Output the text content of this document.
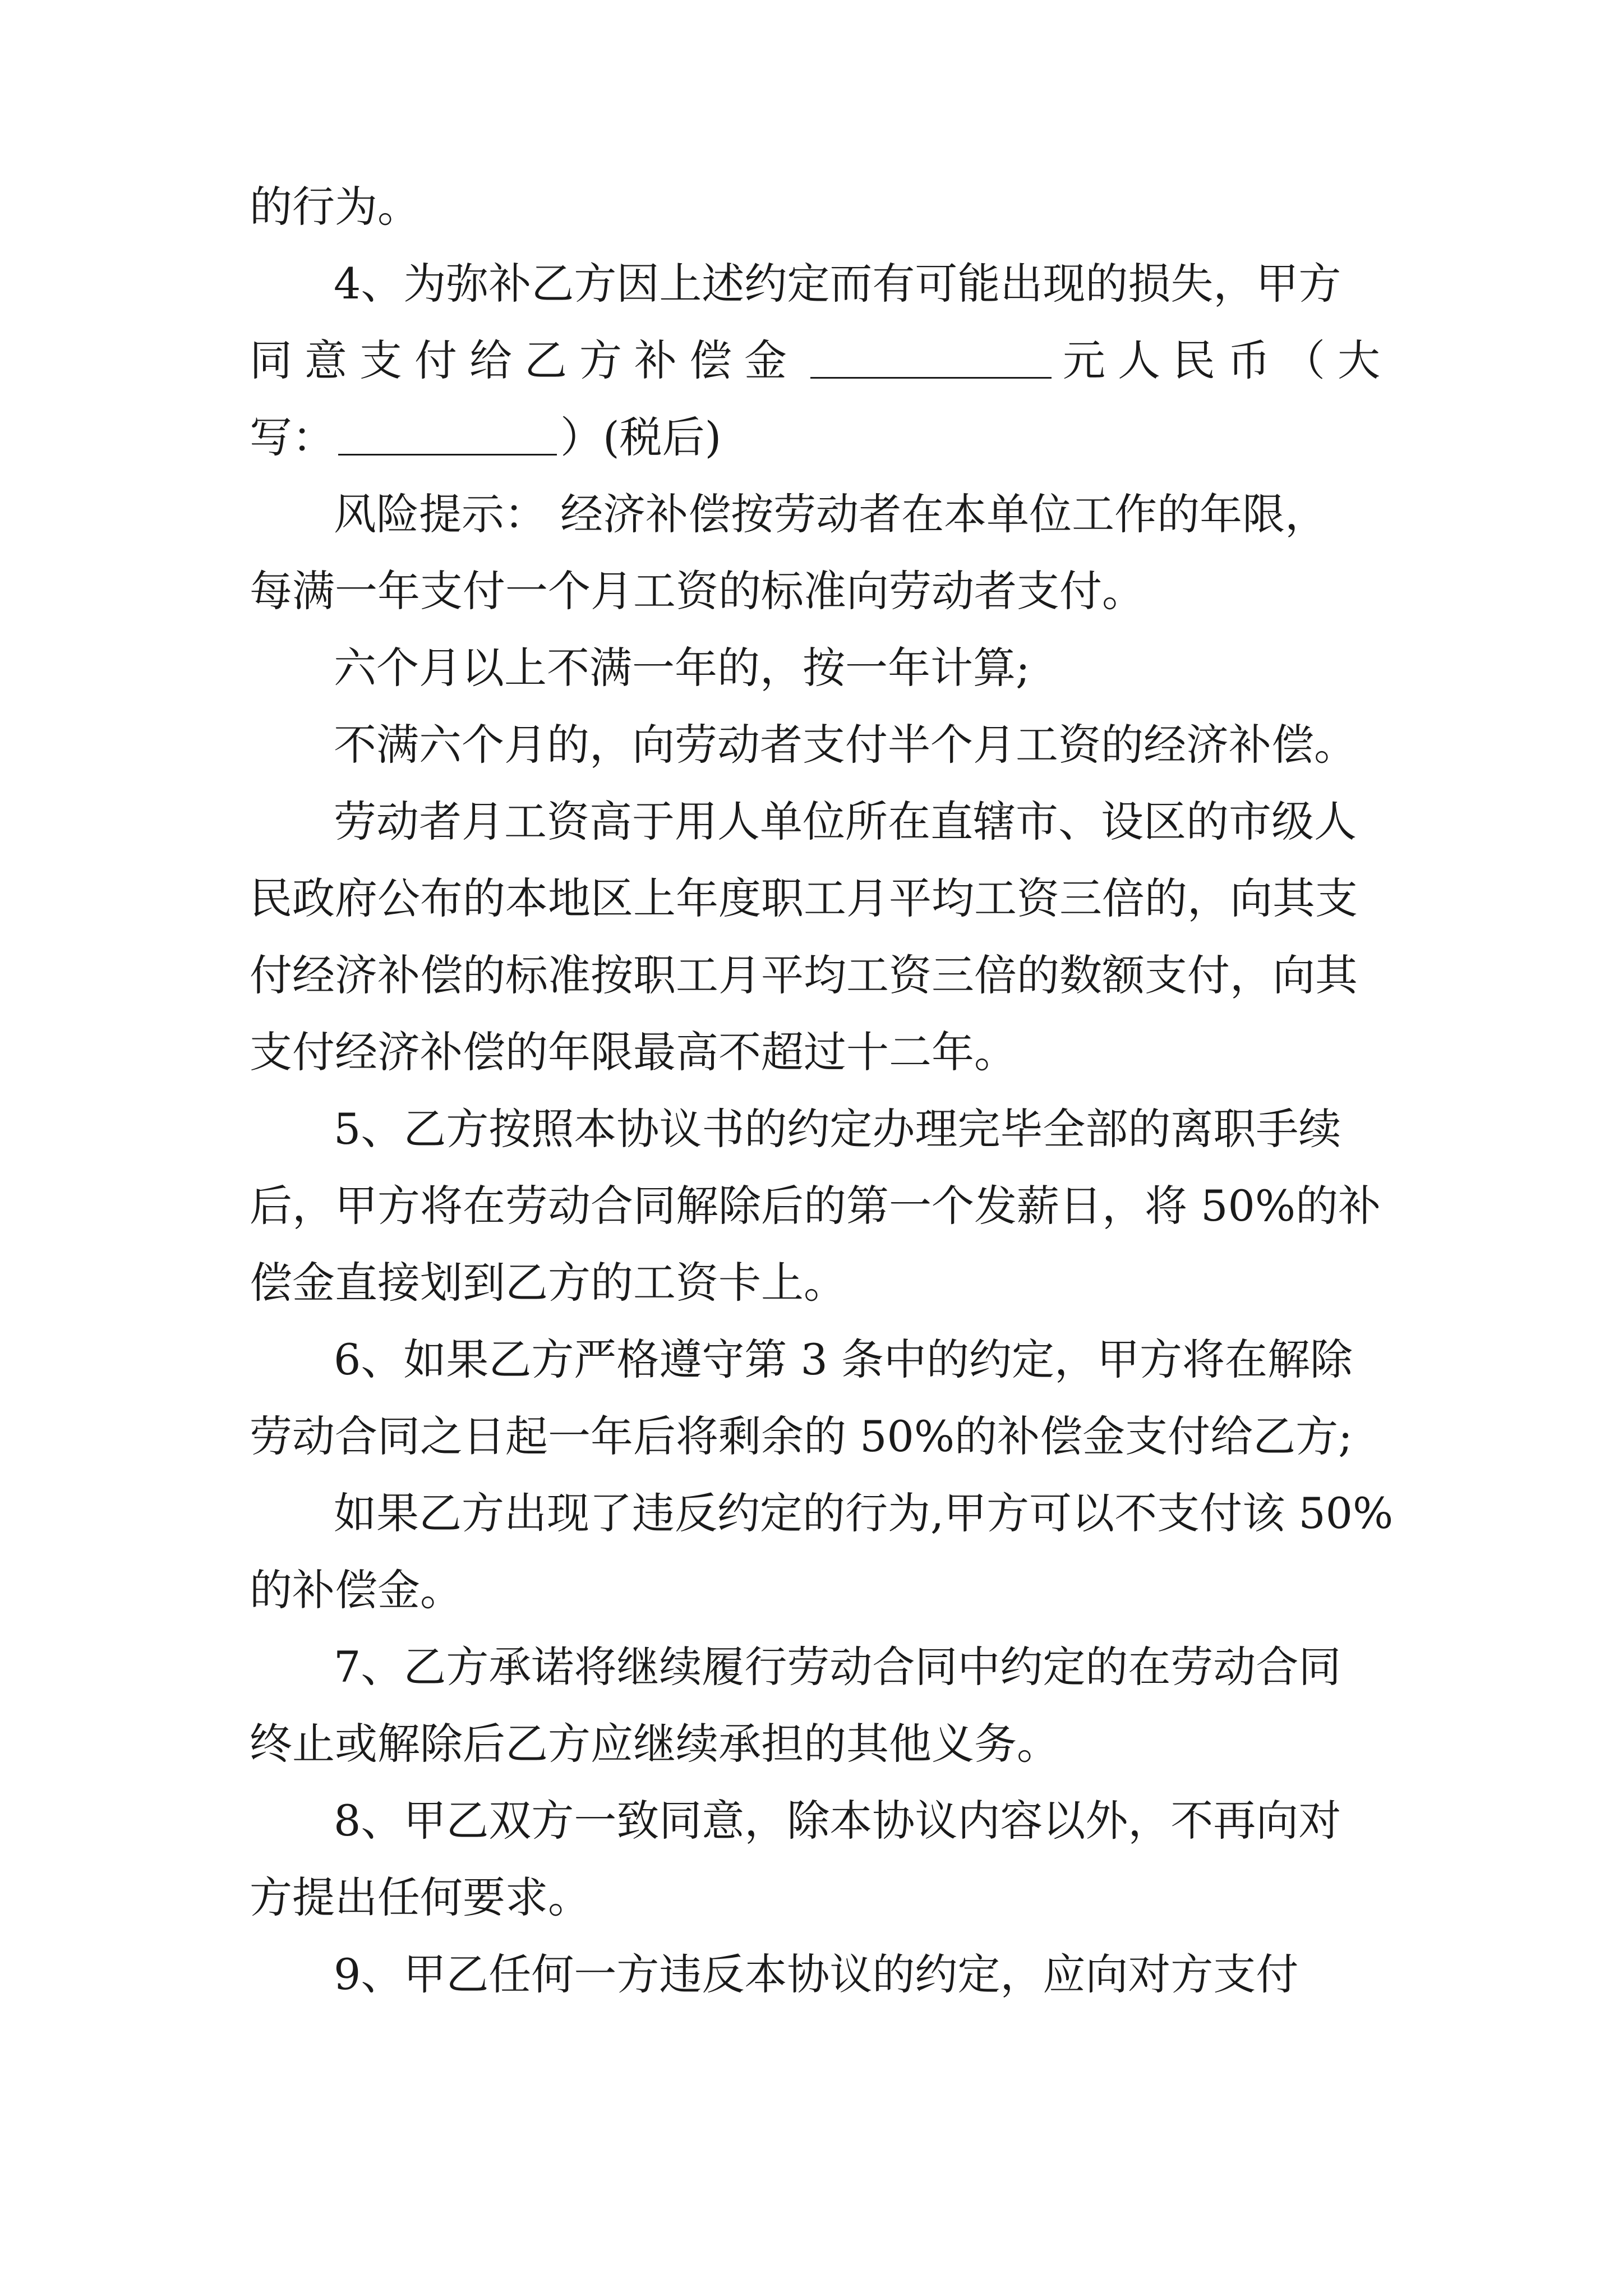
的行为。
4、为弥补乙方因上述约定而有可能出现的损失，甲方
同意支付给乙方补偿金	元人民币（大
写：	）(税后)
风险提示： 经济补偿按劳动者在本单位工作的年限，
每满一年支付一个月工资的标准向劳动者支付。
六个月以上不满一年的，按一年计算;
不满六个月的，向劳动者支付半个月工资的经济补偿。
劳动者月工资高于用人单位所在直辖市、设区的市级人
民政府公布的本地区上年度职工月平均工资三倍的，向其支
付经济补偿的标准按职工月平均工资三倍的数额支付，向其
支付经济补偿的年限最高不超过十二年。
5、乙方按照本协议书的约定办理完毕全部的离职手续
后，甲方将在劳动合同解除后的第一个发薪日，将 50%的补
偿金直接划到乙方的工资卡上。
6、如果乙方严格遵守第 3 条中的约定，甲方将在解除
劳动合同之日起一年后将剩余的 50%的补偿金支付给乙方;
如果乙方出现了违反约定的行为,甲方可以不支付该 50%
的补偿金。
7、乙方承诺将继续履行劳动合同中约定的在劳动合同
终止或解除后乙方应继续承担的其他义务。
8、甲乙双方一致同意，除本协议内容以外，不再向对
方提出任何要求。
9、甲乙任何一方违反本协议的约定，应向对方支付
